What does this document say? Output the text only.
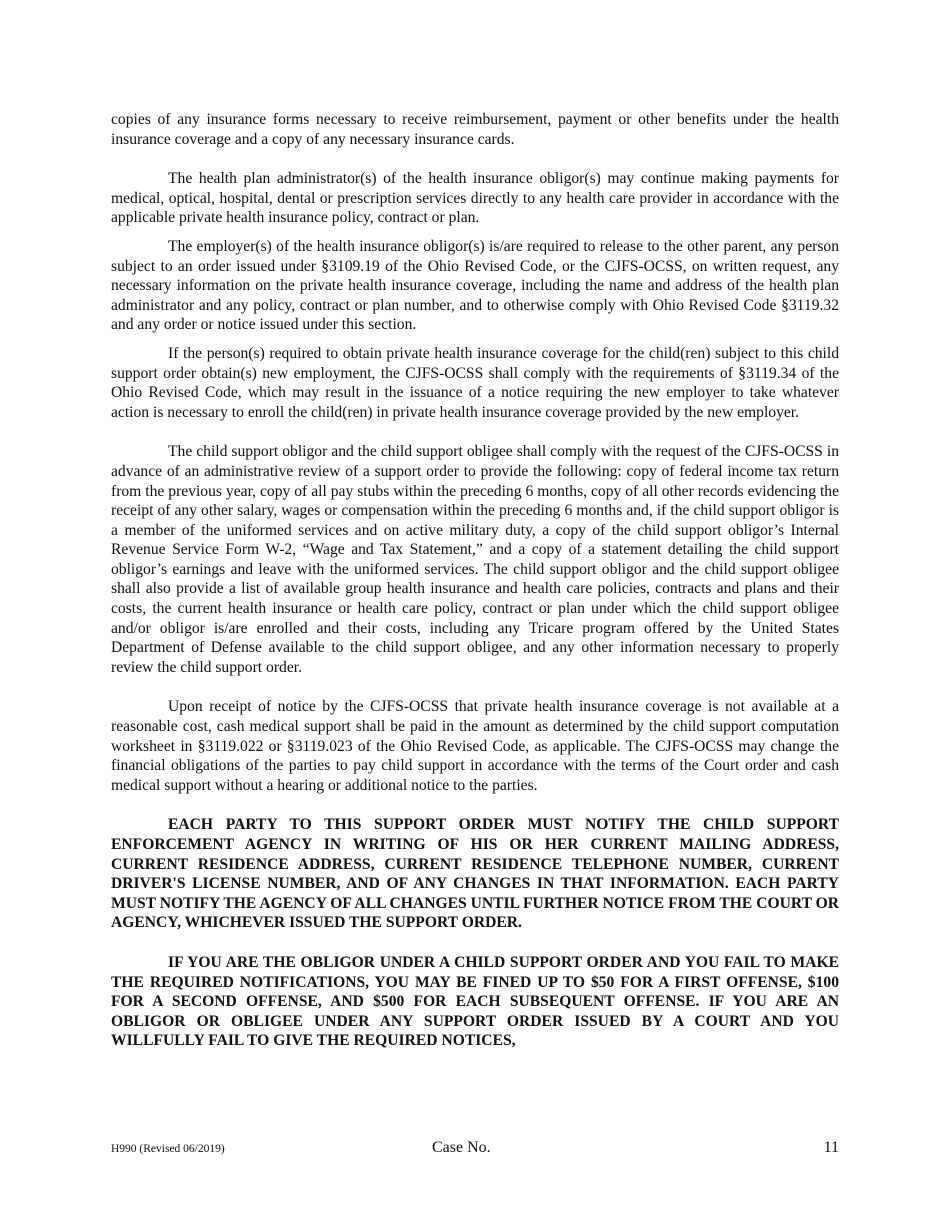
copies of any insurance forms necessary to receive reimbursement, payment or other benefits under the health insurance coverage and a copy of any necessary insurance cards.

The health plan administrator(s) of the health insurance obligor(s) may continue making payments for medical, optical, hospital, dental or prescription services directly to any health care provider in accordance with the applicable private health insurance policy, contract or plan.

The employer(s) of the health insurance obligor(s) is/are required to release to the other parent, any person subject to an order issued under §3109.19 of the Ohio Revised Code, or the CJFS-OCSS, on written request, any necessary information on the private health insurance coverage, including the name and address of the health plan administrator and any policy, contract or plan number, and to otherwise comply with Ohio Revised Code §3119.32 and any order or notice issued under this section.

If the person(s) required to obtain private health insurance coverage for the child(ren) subject to this child support order obtain(s) new employment, the CJFS-OCSS shall comply with the requirements of §3119.34 of the Ohio Revised Code, which may result in the issuance of a notice requiring the new employer to take whatever action is necessary to enroll the child(ren) in private health insurance coverage provided by the new employer.

The child support obligor and the child support obligee shall comply with the request of the CJFS-OCSS in advance of an administrative review of a support order to provide the following: copy of federal income tax return from the previous year, copy of all pay stubs within the preceding 6 months, copy of all other records evidencing the receipt of any other salary, wages or compensation within the preceding 6 months and, if the child support obligor is a member of the uniformed services and on active military duty, a copy of the child support obligor’s Internal Revenue Service Form W-2, “Wage and Tax Statement,” and a copy of a statement detailing the child support obligor’s earnings and leave with the uniformed services. The child support obligor and the child support obligee shall also provide a list of available group health insurance and health care policies, contracts and plans and their costs, the current health insurance or health care policy, contract or plan under which the child support obligee and/or obligor is/are enrolled and their costs, including any Tricare program offered by the United States Department of Defense available to the child support obligee, and any other information necessary to properly review the child support order.

Upon receipt of notice by the CJFS-OCSS that private health insurance coverage is not available at a reasonable cost, cash medical support shall be paid in the amount as determined by the child support computation worksheet in §3119.022 or §3119.023 of the Ohio Revised Code, as applicable. The CJFS-OCSS may change the financial obligations of the parties to pay child support in accordance with the terms of the Court order and cash medical support without a hearing or additional notice to the parties.

EACH PARTY TO THIS SUPPORT ORDER MUST NOTIFY THE CHILD SUPPORT ENFORCEMENT AGENCY IN WRITING OF HIS OR HER CURRENT MAILING ADDRESS, CURRENT RESIDENCE ADDRESS, CURRENT RESIDENCE TELEPHONE NUMBER, CURRENT DRIVER'S LICENSE NUMBER, AND OF ANY CHANGES IN THAT INFORMATION. EACH PARTY MUST NOTIFY THE AGENCY OF ALL CHANGES UNTIL FURTHER NOTICE FROM THE COURT OR AGENCY, WHICHEVER ISSUED THE SUPPORT ORDER.

IF YOU ARE THE OBLIGOR UNDER A CHILD SUPPORT ORDER AND YOU FAIL TO MAKE THE REQUIRED NOTIFICATIONS, YOU MAY BE FINED UP TO $50 FOR A FIRST OFFENSE, $100 FOR A SECOND OFFENSE, AND $500 FOR EACH SUBSEQUENT OFFENSE. IF YOU ARE AN OBLIGOR OR OBLIGEE UNDER ANY SUPPORT ORDER ISSUED BY A COURT AND YOU WILLFULLY FAIL TO GIVE THE REQUIRED NOTICES,

H990 (Revised 06/2019)	Case No.	11
